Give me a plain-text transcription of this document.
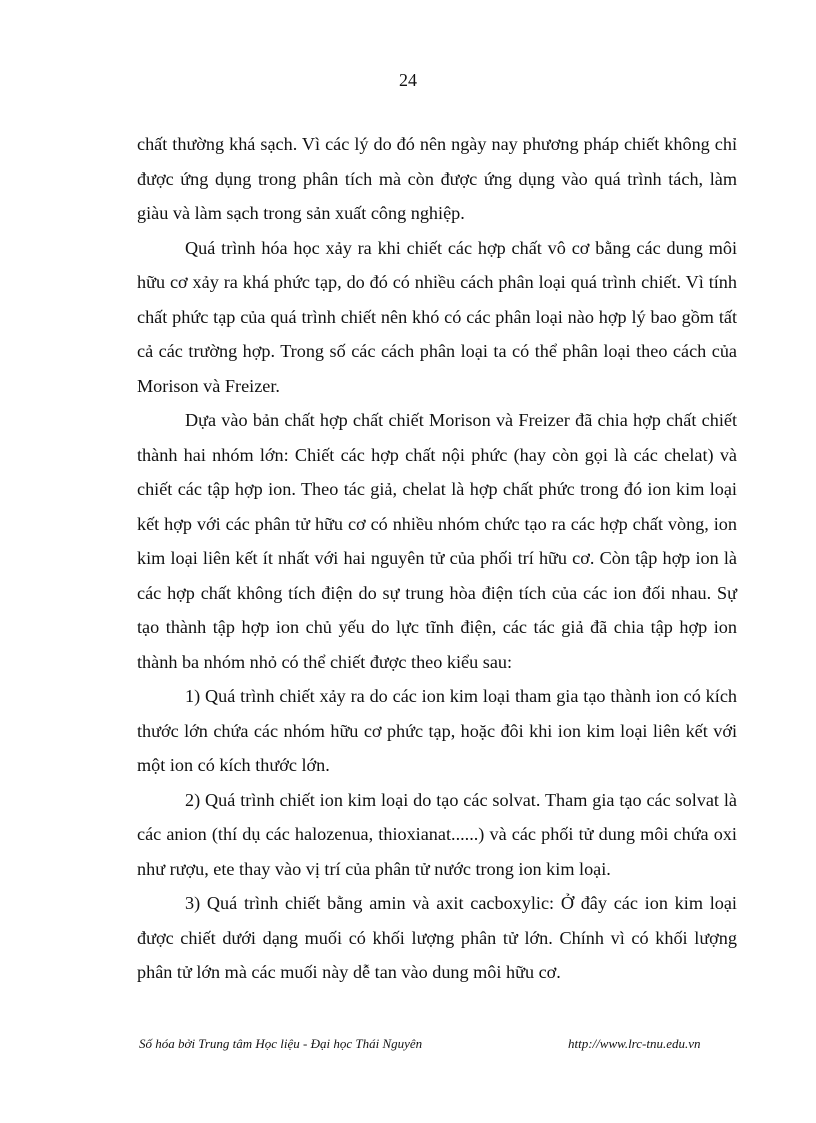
24

chất thường khá sạch. Vì các lý do đó nên ngày nay phương pháp chiết không chỉ được ứng dụng trong phân tích mà còn được ứng dụng vào quá trình tách, làm giàu và làm sạch trong sản xuất công nghiệp.

Quá trình hóa học xảy ra khi chiết các hợp chất vô cơ bằng các dung môi hữu cơ xảy ra khá phức tạp, do đó có nhiều cách phân loại quá trình chiết. Vì tính chất phức tạp của quá trình chiết nên khó có các phân loại nào hợp lý bao gồm tất cả các trường hợp. Trong số các cách phân loại ta có thể phân loại theo cách của Morison và Freizer.

Dựa vào bản chất hợp chất chiết Morison và Freizer đã chia hợp chất chiết thành hai nhóm lớn: Chiết các hợp chất nội phức (hay còn gọi là các chelat) và chiết các tập hợp ion. Theo tác giả, chelat là hợp chất phức trong đó ion kim loại kết hợp với các phân tử hữu cơ có nhiều nhóm chức tạo ra các hợp chất vòng, ion kim loại liên kết ít nhất với hai nguyên tử của phối trí hữu cơ. Còn tập hợp ion là các hợp chất không tích điện do sự trung hòa điện tích của các ion đối nhau. Sự tạo thành tập hợp ion chủ yếu do lực tĩnh điện, các tác giả đã chia tập hợp ion thành ba nhóm nhỏ có thể chiết được theo kiểu sau:

1) Quá trình chiết xảy ra do các ion kim loại tham gia tạo thành ion có kích thước lớn chứa các nhóm hữu cơ phức tạp, hoặc đôi khi ion kim loại liên kết với một ion có kích thước lớn.

2) Quá trình chiết ion kim loại do tạo các solvat. Tham gia tạo các solvat là các anion (thí dụ các halozenua, thioxianat......) và các phối tử dung môi chứa oxi như rượu, ete thay vào vị trí của phân tử nước trong ion kim loại.

3) Quá trình chiết bằng amin và axit cacboxylic: Ở đây các ion kim loại được chiết dưới dạng muối có khối lượng phân tử lớn. Chính vì có khối lượng phân tử lớn mà các muối này dễ tan vào dung môi hữu cơ.

Số hóa bởi Trung tâm Học liệu - Đại học Thái Nguyên	http://www.lrc-tnu.edu.vn
